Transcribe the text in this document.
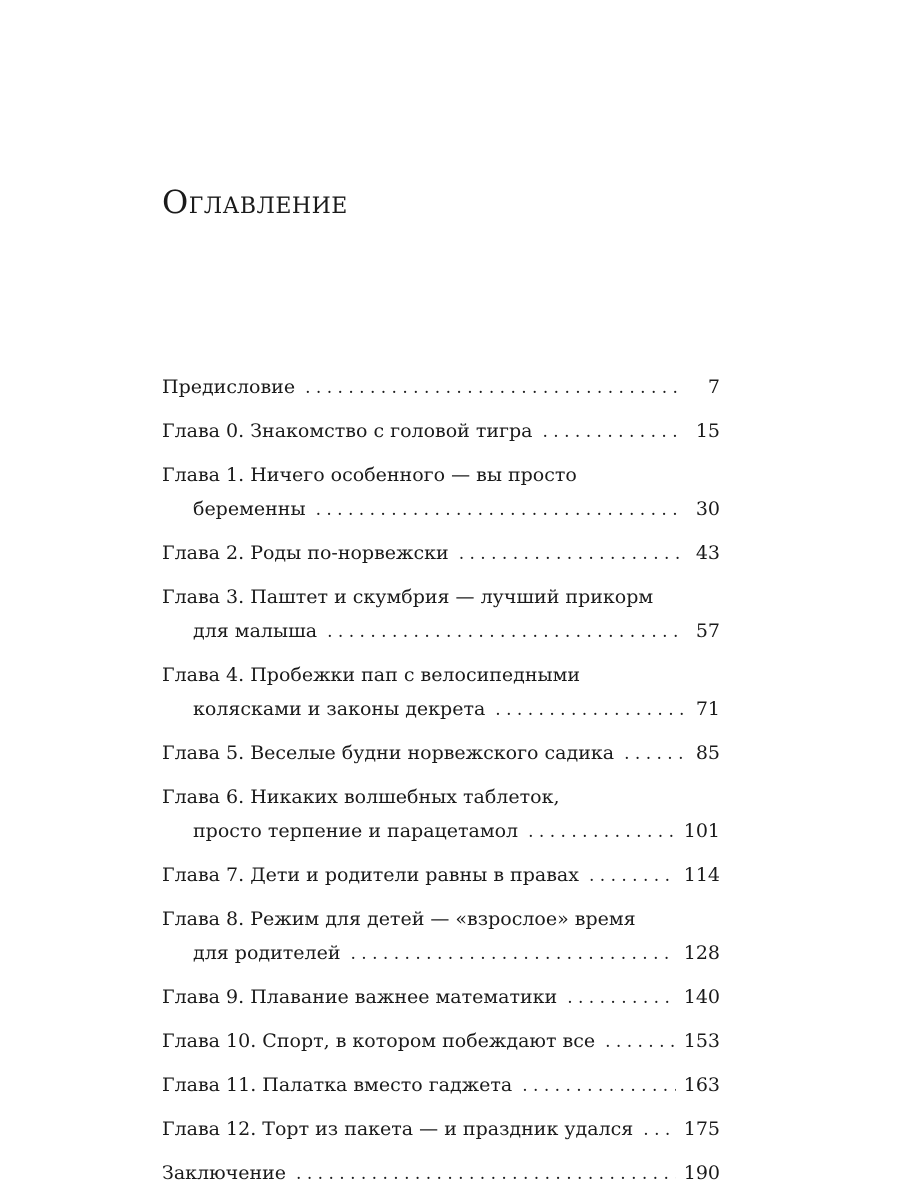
Оглавление
Предисловие . . .	7
Глава 0. Знакомство с головой тигра . . .	15
Глава 1. Ничего особенного — вы просто
беременны . . .	30
Глава 2. Роды по-норвежски . . .	43
Глава 3. Паштет и скумбрия — лучший прикорм
для малыша . . .	57
Глава 4. Пробежки пап с велосипедными
колясками и законы декрета . . .	71
Глава 5. Веселые будни норвежского садика . . .	85
Глава 6. Никаких волшебных таблеток,
просто терпение и парацетамол . . .	101
Глава 7. Дети и родители равны в правах . . .	114
Глава 8. Режим для детей — «взрослое» время
для родителей . . .	128
Глава 9. Плавание важнее математики . . .	140
Глава 10. Спорт, в котором побеждают все . . .	153
Глава 11. Палатка вместо гаджета . . .	163
Глава 12. Торт из пакета — и праздник удался . . .	175
Заключение . . .	190
